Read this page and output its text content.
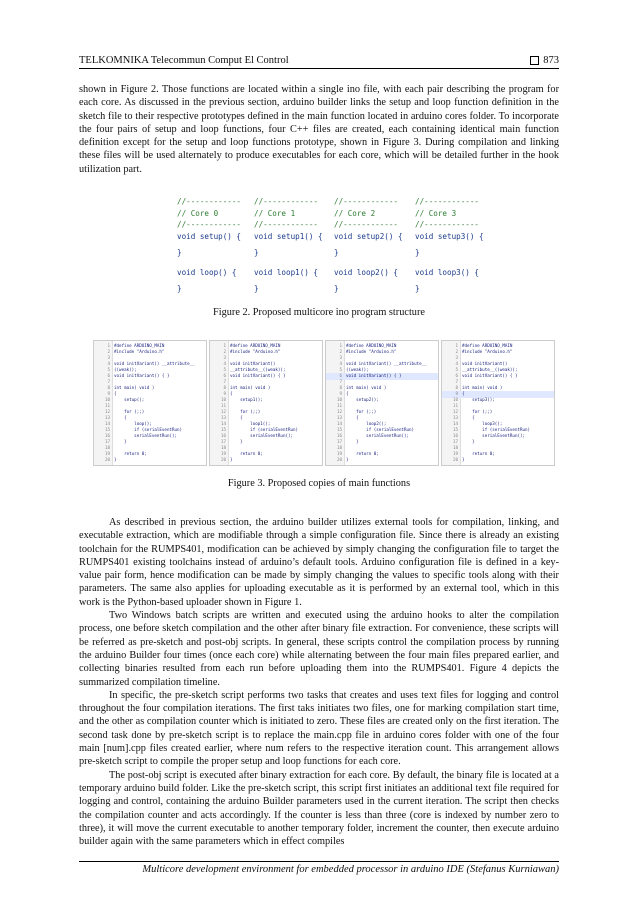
TELKOMNIKA Telecommun Comput El Control	873

shown in Figure 2. Those functions are located within a single ino file, with each pair describing the program for each core. As discussed in the previous section, arduino builder links the setup and loop function definition in the sketch file to their respective prototypes defined in the main function located in arduino cores folder. To incorporate the four pairs of setup and loop functions, four C++ files are created, each containing identical main function definition except for the setup and loop functions prototype, shown in Figure 3. During compilation and linking these files will be used alternately to produce executables for each core, which will be detailed further in the hook utilization part.

//------------
// Core 0
//------------
void setup() {
}
void loop() {
}
//------------
// Core 1
//------------
void setup1() {
}
void loop1() {
}
//------------
// Core 2
//------------
void setup2() {
}
void loop2() {
}
//------------
// Core 3
//------------
void setup3() {
}
void loop3() {
}
Figure 2. Proposed multicore ino program structure
1 #define ARDUINO_MAIN
2 #include "Arduino.h"
3
4 void initVariant() __attribute__
5 ((weak));
6 void initVariant() { }
7
8 int main( void )
9 {
10    setup();
11
12    for (;;)
13    {
14        loop();
15        if (serialEventRun)
16        serialEventRun();
17    }
18
19    return 0;
20 }
1 #define ARDUINO_MAIN
2 #include "Arduino.h"
3
4 void initVariant()
5 __attribute__((weak));
6 void initVariant() { }
7
8 int main( void )
9 {
10    setup1();
11
12    for (;;)
13    {
14        loop1();
15        if (serialEventRun)
16        serialEventRun();
17    }
18
19    return 0;
20 }
1 #define ARDUINO_MAIN
2 #include "Arduino.h"
3
4 void initVariant() __attribute__
5 ((weak));
6 void initVariant() { }
7
8 int main( void )
9 {
10    setup2();
11
12    for (;;)
13    {
14        loop2();
15        if (serialEventRun)
16        serialEventRun();
17    }
18
19    return 0;
20 }
1 #define ARDUINO_MAIN
2 #include "Arduino.h"
3
4 void initVariant()
5 __attribute__((weak));
6 void initVariant() { }
7
8 int main( void )
9 {
10    setup3();
11
12    for (;;)
13    {
14        loop3();
15        if (serialEventRun)
16        serialEventRun();
17    }
18
19    return 0;
20 }
Figure 3. Proposed copies of main functions

As described in previous section, the arduino builder utilizes external tools for compilation, linking, and executable extraction, which are modifiable through a simple configuration file. Since there is already an existing toolchain for the RUMPS401, modification can be achieved by simply changing the configuration file to target the RUMPS401 existing toolchains instead of arduino’s default tools. Arduino configuration file is defined in a key-value pair form, hence modification can be made by simply changing the values to specific tools along with their parameters. The same also applies for uploading executable as it is performed by an external tool, which in this work is the Python-based uploader shown in Figure 1.

Two Windows batch scripts are written and executed using the arduino hooks to alter the compilation process, one before sketch compilation and the other after binary file extraction. For convenience, these scripts will be referred as pre-sketch and post-obj scripts. In general, these scripts control the compilation process by running the arduino Builder four times (once each core) while alternating between the four main files prepared earlier, and collecting binaries resulted from each run before uploading them into the RUMPS401. Figure 4 depicts the summarized compilation timeline.

In specific, the pre-sketch script performs two tasks that creates and uses text files for logging and control throughout the four compilation iterations. The first taks initiates two files, one for marking compilation start time, and the other as compilation counter which is initiated to zero. These files are created only on the first iteration. The second task done by pre-sketch script is to replace the main.cpp file in arduino cores folder with one of the four main [num].cpp files created earlier, where num refers to the respective iteration count. This arrangement allows pre-sketch script to compile the proper setup and loop functions for each core.

The post-obj script is executed after binary extraction for each core. By default, the binary file is located at a temporary arduino build folder. Like the pre-sketch script, this script first initiates an additional text file required for logging and control, containing the arduino Builder parameters used in the current iteration. The script then checks the compilation counter and acts accordingly. If the counter is less than three (core is indexed by number zero to three), it will move the current executable to another temporary folder, increment the counter, then execute arduino builder again with the same parameters which in effect compiles

Multicore development environment for embedded processor in arduino IDE (Stefanus Kurniawan)
